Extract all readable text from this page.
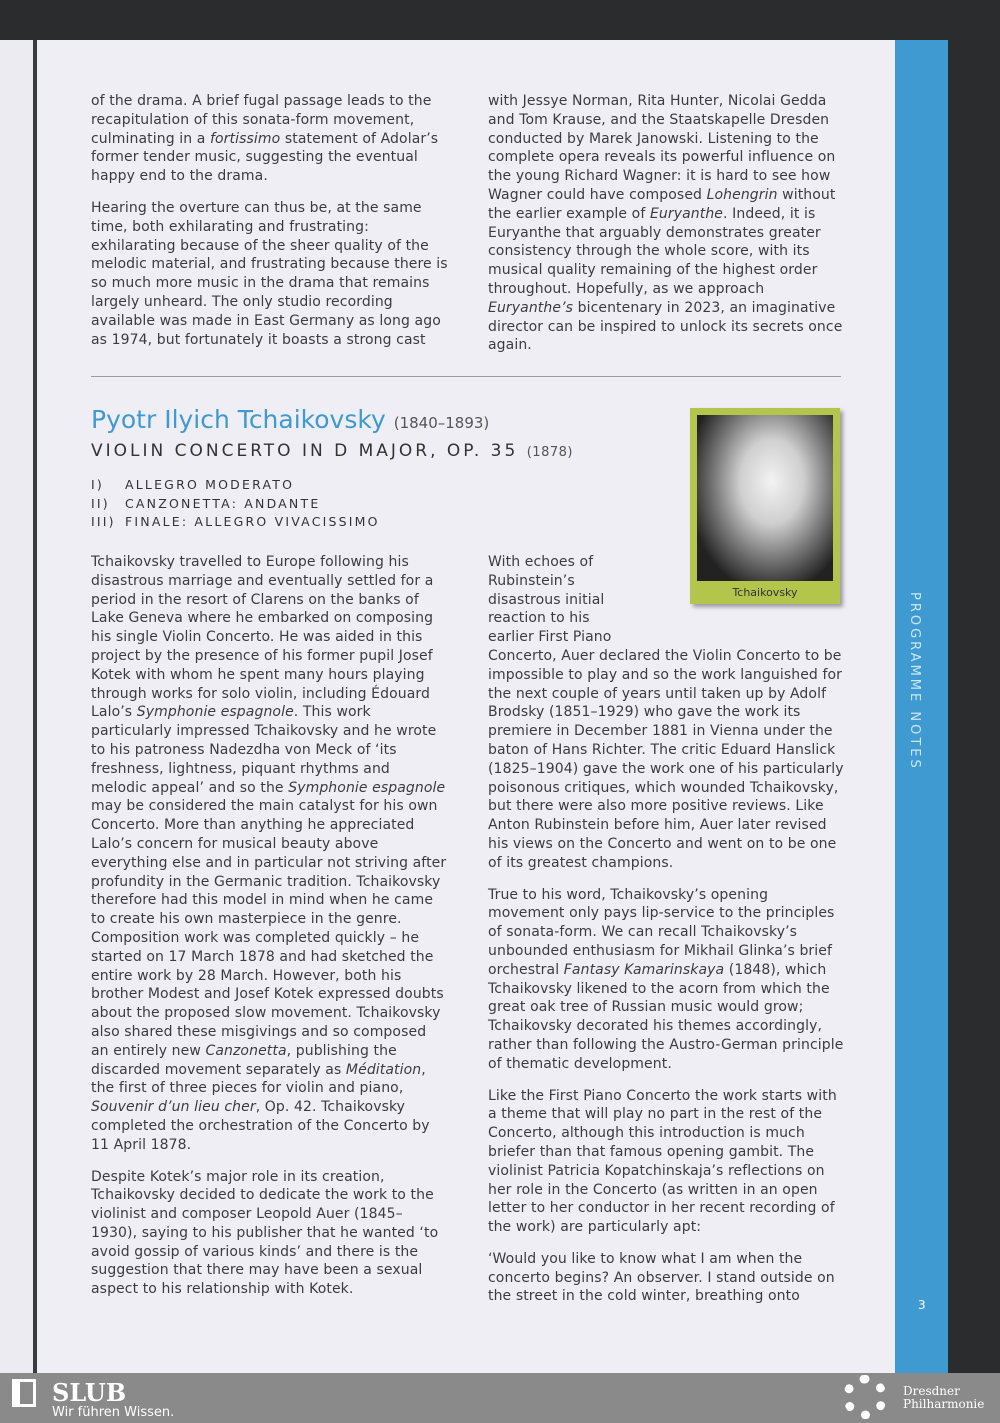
PROGRAMME NOTES
3

of the drama. A brief fugal passage leads to the recapitulation of this sonata-form movement, culminating in a fortissimo statement of Adolar’s former tender music, suggesting the eventual happy end to the drama.

Hearing the overture can thus be, at the same time, both exhilarating and frustrating: exhilarating because of the sheer quality of the melodic material, and frustrating because there is so much more music in the drama that remains largely unheard. The only studio recording available was made in East Germany as long ago as 1974, but fortunately it boasts a strong cast

with Jessye Norman, Rita Hunter, Nicolai Gedda and Tom Krause, and the Staatskapelle Dresden conducted by Marek Janowski. Listening to the complete opera reveals its powerful influence on the young Richard Wagner: it is hard to see how Wagner could have composed Lohengrin without the earlier example of Euryanthe. Indeed, it is Euryanthe that arguably demonstrates greater consistency through the whole score, with its musical quality remaining of the highest order throughout. Hopefully, as we approach Euryanthe’s bicentenary in 2023, an imaginative director can be inspired to unlock its secrets once again.

Pyotr Ilyich Tchaikovsky (1840–1893)
VIOLIN CONCERTO IN D MAJOR, OP. 35 (1878)
I) ALLEGRO MODERATO
II) CANZONETTA: ANDANTE
III) FINALE: ALLEGRO VIVACISSIMO
Tchaikovsky

Tchaikovsky travelled to Europe following his disastrous marriage and eventually settled for a period in the resort of Clarens on the banks of Lake Geneva where he embarked on composing his single Violin Concerto. He was aided in this project by the presence of his former pupil Josef Kotek with whom he spent many hours playing through works for solo violin, including Édouard Lalo’s Symphonie espagnole. This work particularly impressed Tchaikovsky and he wrote to his patroness Nadezdha von Meck of ‘its freshness, lightness, piquant rhythms and melodic appeal’ and so the Symphonie espagnole may be considered the main catalyst for his own Concerto. More than anything he appreciated Lalo’s concern for musical beauty above everything else and in particular not striving after profundity in the Germanic tradition. Tchaikovsky therefore had this model in mind when he came to create his own masterpiece in the genre. Composition work was completed quickly – he started on 17 March 1878 and had sketched the entire work by 28 March. However, both his brother Modest and Josef Kotek expressed doubts about the proposed slow movement. Tchaikovsky also shared these misgivings and so composed an entirely new Canzonetta, publishing the discarded movement separately as Méditation, the first of three pieces for violin and piano, Souvenir d’un lieu cher, Op. 42. Tchaikovsky completed the orchestration of the Concerto by 11 April 1878.

Despite Kotek’s major role in its creation, Tchaikovsky decided to dedicate the work to the violinist and composer Leopold Auer (1845–1930), saying to his publisher that he wanted ‘to avoid gossip of various kinds’ and there is the suggestion that there may have been a sexual aspect to his relationship with Kotek.

With echoes of Rubinstein’s disastrous initial reaction to his earlier First Piano Concerto, Auer declared the Violin Concerto to be impossible to play and so the work languished for the next couple of years until taken up by Adolf Brodsky (1851–1929) who gave the work its premiere in December 1881 in Vienna under the baton of Hans Richter. The critic Eduard Hanslick (1825–1904) gave the work one of his particularly poisonous critiques, which wounded Tchaikovsky, but there were also more positive reviews. Like Anton Rubinstein before him, Auer later revised his views on the Concerto and went on to be one of its greatest champions.

True to his word, Tchaikovsky’s opening movement only pays lip-service to the principles of sonata-form. We can recall Tchaikovsky’s unbounded enthusiasm for Mikhail Glinka’s brief orchestral Fantasy Kamarinskaya (1848), which Tchaikovsky likened to the acorn from which the great oak tree of Russian music would grow; Tchaikovsky decorated his themes accordingly, rather than following the Austro-German principle of thematic development.

Like the First Piano Concerto the work starts with a theme that will play no part in the rest of the Concerto, although this introduction is much briefer than that famous opening gambit. The violinist Patricia Kopatchinskaja’s reflections on her role in the Concerto (as written in an open letter to her conductor in her recent recording of the work) are particularly apt:

‘Would you like to know what I am when the concerto begins? An observer. I stand outside on the street in the cold winter, breathing onto

SLUB
Wir führen Wissen.
Dresdner
Philharmonie
